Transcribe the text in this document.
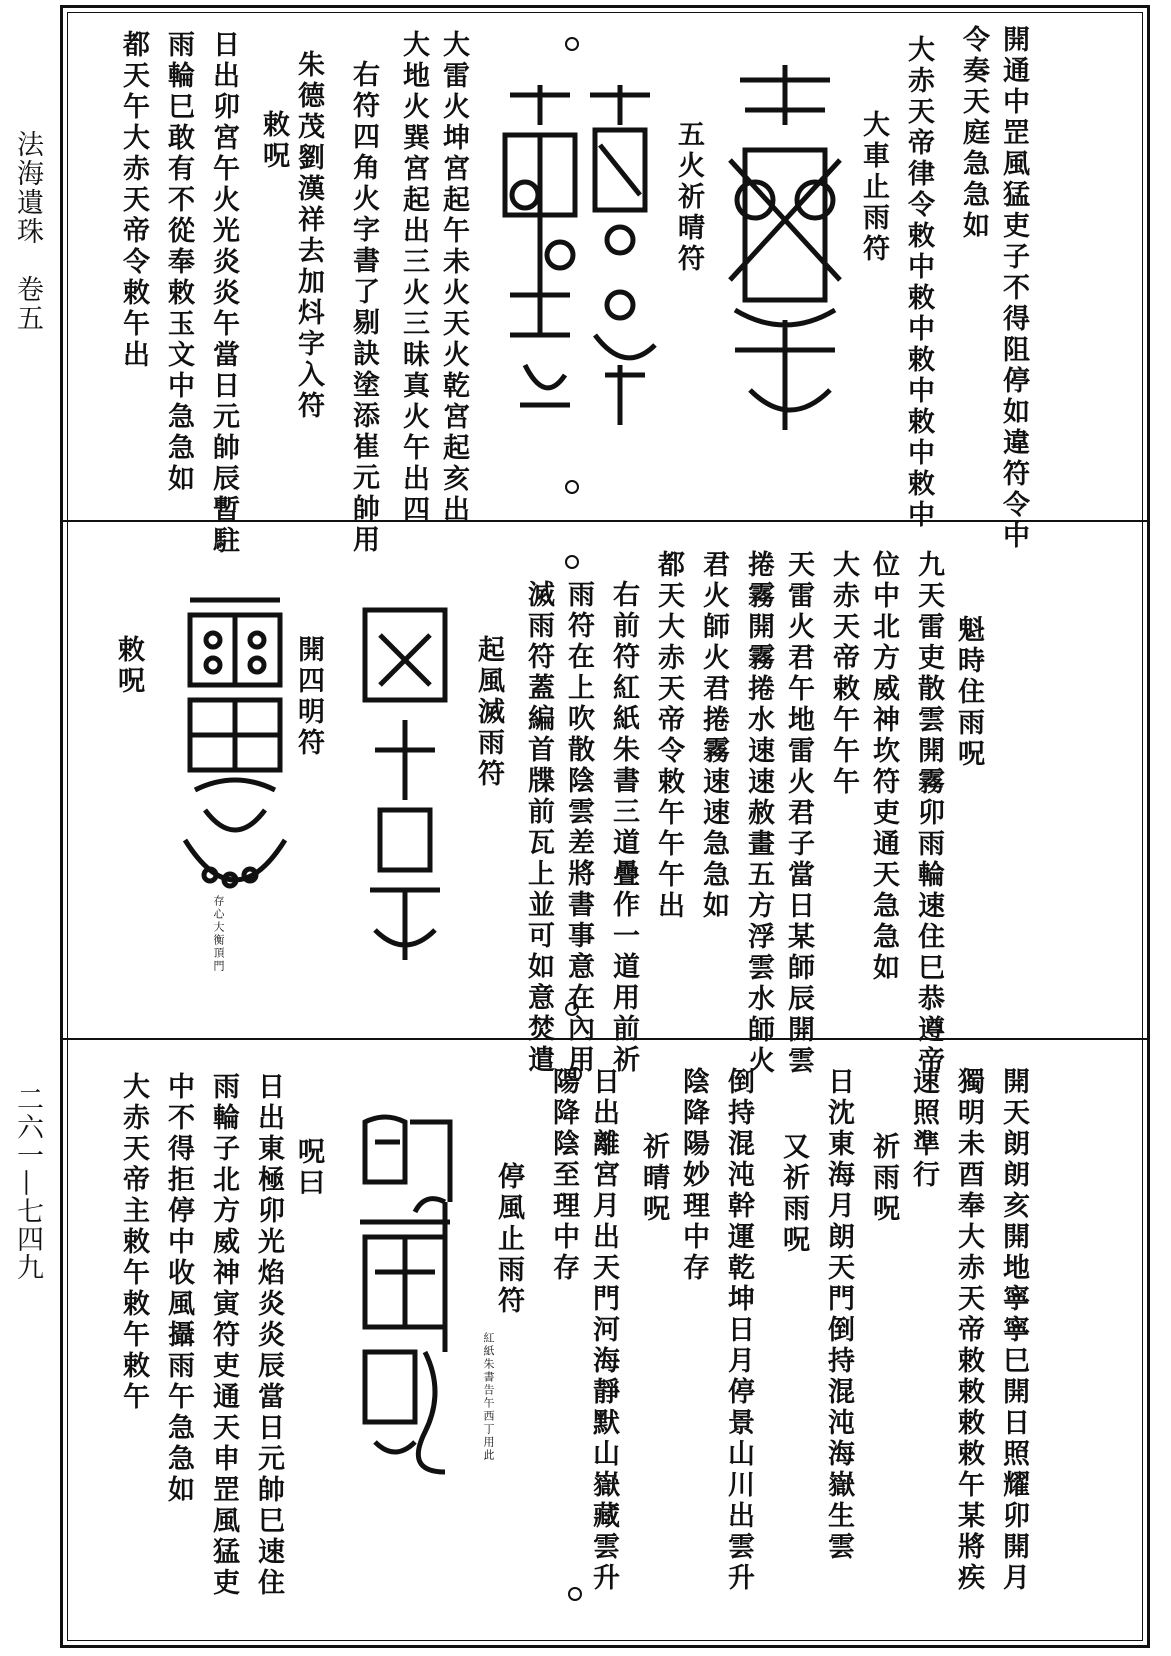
法海遺珠　卷五
二六一—七四九
開通中罡風猛吏子不得阻停如違符令中
令奏天庭急急如
大赤天帝律令敕中敕中敕中敕中敕中
大車止雨符
五火祈晴符
大雷火坤宮起午未火天火乾宮起亥出
大地火巽宮起出三火三昧真火午出四
右符四角火字書了剔訣塗添崔元帥用
朱德茂劉漢祥去加炓字入符
敕呪
日出卯宮午火光炎炎午當日元帥辰暫駐
雨輪巳敢有不從奉敕玉文中急急如
都天午大赤天帝令敕午出
魁時住雨呪
九天雷吏散雲開霧卯雨輪速住巳恭遵帝
位中北方威神坎符吏通天急急如
大赤天帝敕午午午
天雷火君午地雷火君子當日某師辰開雲
捲霧開霧捲水速速赦畫五方浮雲水師火
君火師火君捲霧速速急急如
都天大赤天帝令敕午午午出
右前符紅紙朱書三道疊作一道用前祈
雨符在上吹散陰雲差將書事意在內用
起風滅雨符 滅雨符蓋編首牒前瓦上並可如意焚遣
開四明符
存心大衡頂門
敕呪
開天朗朗亥開地寧寧巳開日照耀卯開月
獨明未酉奉大赤天帝敕敕敕敕午某將疾
速照準行
祈雨呪
日沈東海月朗天門倒持混沌海嶽生雲
又祈雨呪
倒持混沌幹運乾坤日月停景山川出雲升
陰降陽妙理中存
祈晴呪
日出離宮月出天門河海靜默山嶽藏雲升
陽降陰至理中存
停風止雨符
紅紙朱書告午西丁用此
呪曰
日出東極卯光焰炎炎辰當日元帥巳速住
雨輪子北方威神寅符吏通天申罡風猛吏
中不得拒停中收風攝雨午急急如
大赤天帝主敕午敕午敕午
